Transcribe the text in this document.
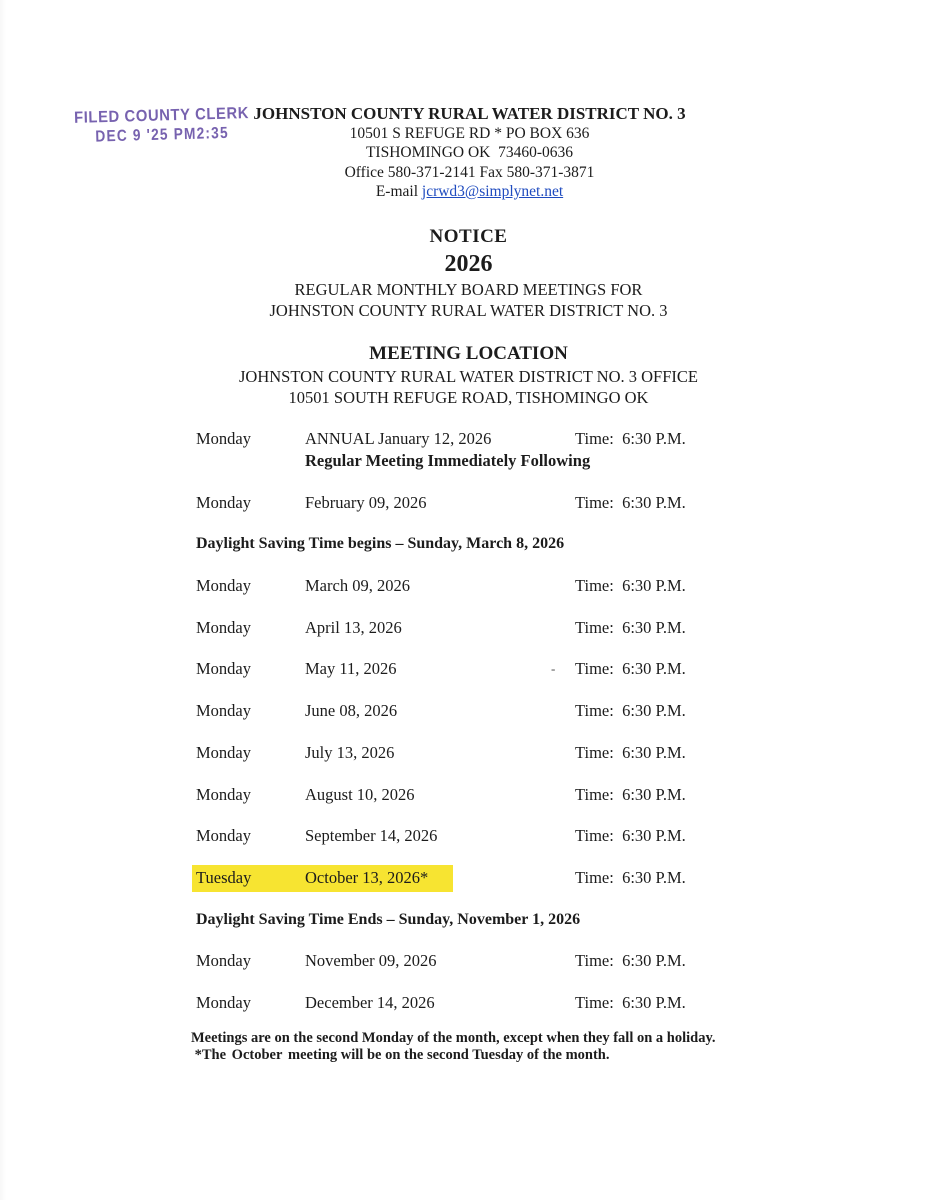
FILED COUNTY CLERK
DEC 9 '25 PM2:35
JOHNSTON COUNTY RURAL WATER DISTRICT NO. 3
10501 S REFUGE RD * PO BOX 636
TISHOMINGO OK  73460-0636
Office 580-371-2141 Fax 580-371-3871
E-mail jcrwd3@simplynet.net
NOTICE
2026
REGULAR MONTHLY BOARD MEETINGS FOR
JOHNSTON COUNTY RURAL WATER DISTRICT NO. 3
MEETING LOCATION
JOHNSTON COUNTY RURAL WATER DISTRICT NO. 3 OFFICE
10501 SOUTH REFUGE ROAD, TISHOMINGO OK
Monday	ANNUAL January 12, 2026	Time:  6:30 P.M.
Regular Meeting Immediately Following
Monday	February 09, 2026	Time:  6:30 P.M.
Daylight Saving Time begins – Sunday, March 8, 2026
Monday	March 09, 2026	Time:  6:30 P.M.
Monday	April 13, 2026	Time:  6:30 P.M.
Monday	May 11, 2026	Time:  6:30 P.M.
-
Monday	June 08, 2026	Time:  6:30 P.M.
Monday	July 13, 2026	Time:  6:30 P.M.
Monday	August 10, 2026	Time:  6:30 P.M.
Monday	September 14, 2026	Time:  6:30 P.M.
Tuesday	October 13, 2026*	Time:  6:30 P.M.
Daylight Saving Time Ends – Sunday, November 1, 2026
Monday	November 09, 2026	Time:  6:30 P.M.
Monday	December 14, 2026	Time:  6:30 P.M.
Meetings are on the second Monday of the month, except when they fall on a holiday.
*The October meeting will be on the second Tuesday of the month.
